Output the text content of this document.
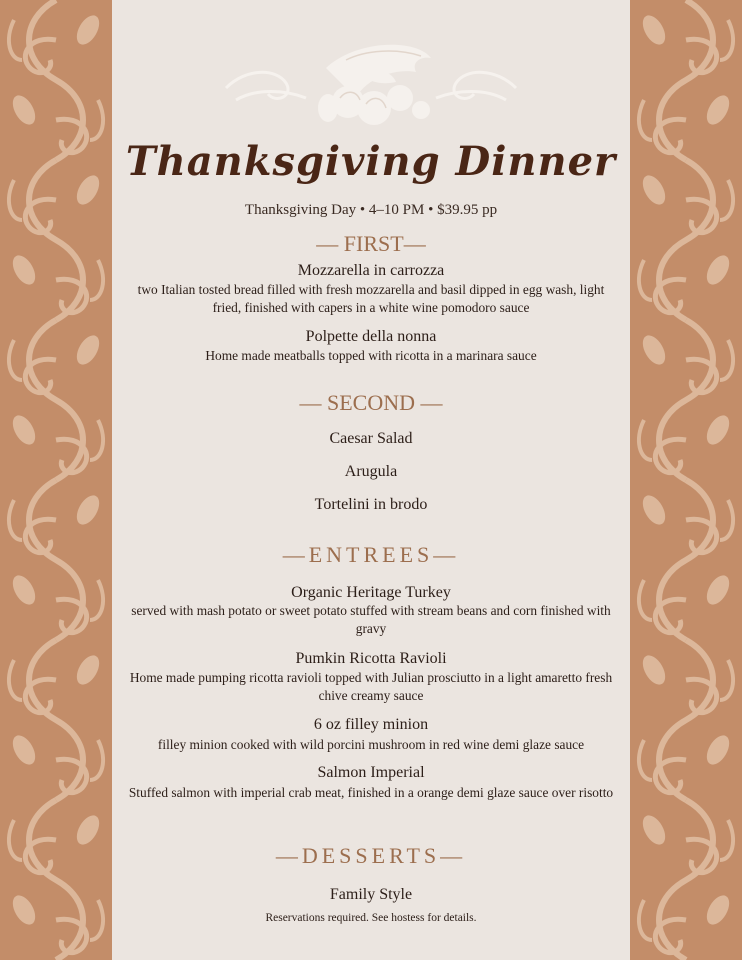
Thanksgiving Dinner
Thanksgiving Day • 4–10 PM • $39.95 pp
— FIRST—
Mozzarella in carrozza
two Italian tosted bread filled with fresh mozzarella and basil dipped in egg wash, light fried, finished with capers in a white wine pomodoro sauce
Polpette della nonna
Home made meatballs topped with ricotta in a marinara sauce
— SECOND —
Caesar Salad
Arugula
Tortelini in brodo
—ENTREES—
Organic Heritage Turkey
served with mash potato or sweet potato stuffed with stream beans and corn finished with gravy
Pumkin Ricotta Ravioli
Home made pumping ricotta ravioli topped with Julian prosciutto in a light amaretto fresh chive creamy sauce
6 oz filley minion
filley minion cooked with wild porcini mushroom in red wine demi glaze sauce
Salmon Imperial
Stuffed salmon with imperial crab meat, finished in a orange demi glaze sauce over risotto
—DESSERTS—
Family Style
Reservations required. See hostess for details.
